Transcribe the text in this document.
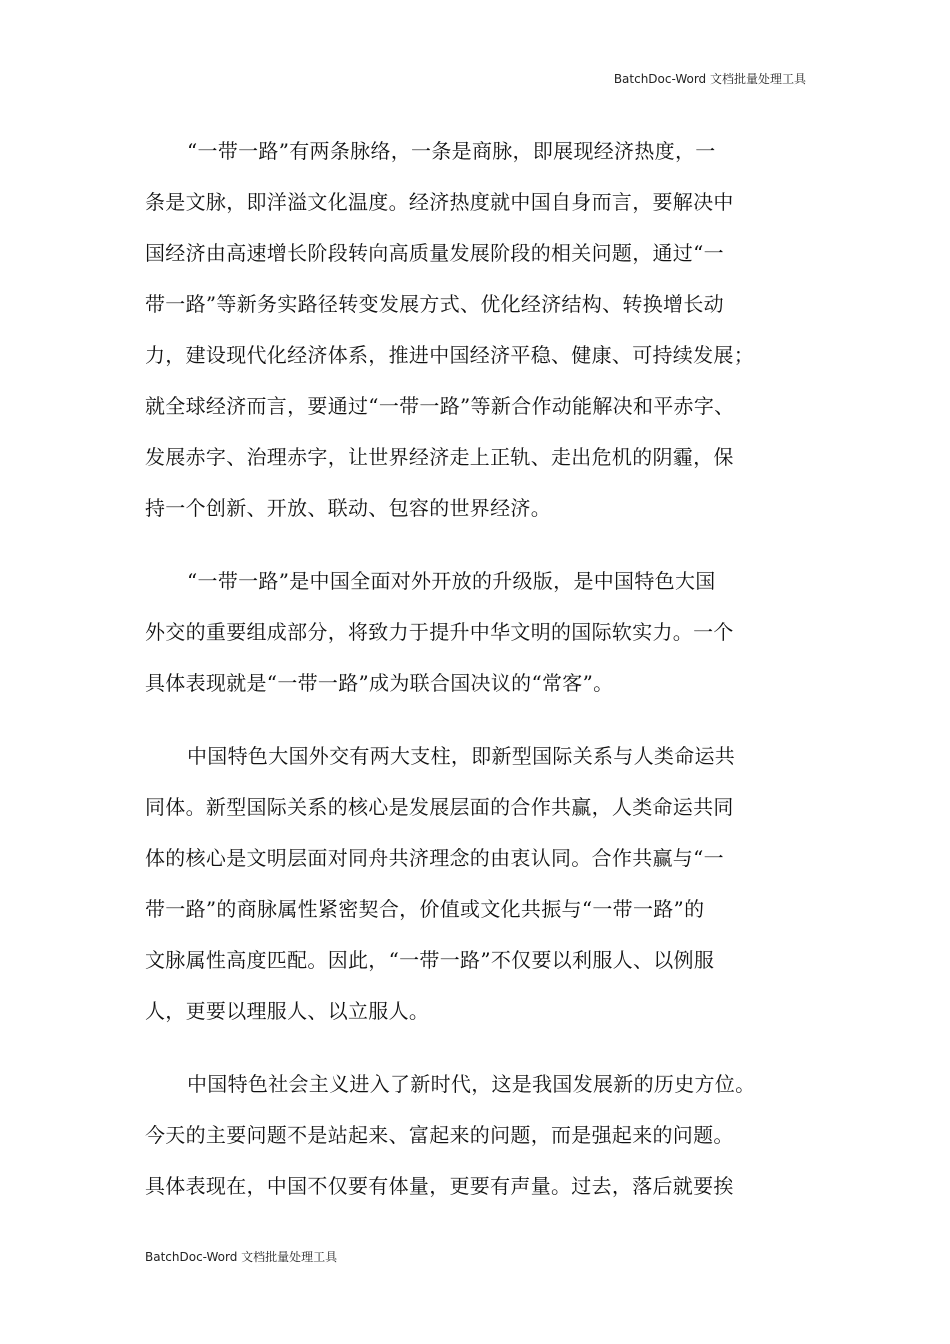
BatchDoc-Word 文档批量处理工具
“一带一路”有两条脉络，一条是商脉，即展现经济热度，一
条是文脉，即洋溢文化温度。经济热度就中国自身而言，要解决中
国经济由高速增长阶段转向高质量发展阶段的相关问题，通过“一
带一路”等新务实路径转变发展方式、优化经济结构、转换增长动
力，建设现代化经济体系，推进中国经济平稳、健康、可持续发展；
就全球经济而言，要通过“一带一路”等新合作动能解决和平赤字、
发展赤字、治理赤字，让世界经济走上正轨、走出危机的阴霾，保
持一个创新、开放、联动、包容的世界经济。
“一带一路”是中国全面对外开放的升级版，是中国特色大国
外交的重要组成部分，将致力于提升中华文明的国际软实力。一个
具体表现就是“一带一路”成为联合国决议的“常客”。
中国特色大国外交有两大支柱，即新型国际关系与人类命运共
同体。新型国际关系的核心是发展层面的合作共赢，人类命运共同
体的核心是文明层面对同舟共济理念的由衷认同。合作共赢与“一
带一路”的商脉属性紧密契合，价值或文化共振与“一带一路”的
文脉属性高度匹配。因此，“一带一路”不仅要以利服人、以例服
人，更要以理服人、以立服人。
中国特色社会主义进入了新时代，这是我国发展新的历史方位。
今天的主要问题不是站起来、富起来的问题，而是强起来的问题。
具体表现在，中国不仅要有体量，更要有声量。过去，落后就要挨
BatchDoc-Word 文档批量处理工具
